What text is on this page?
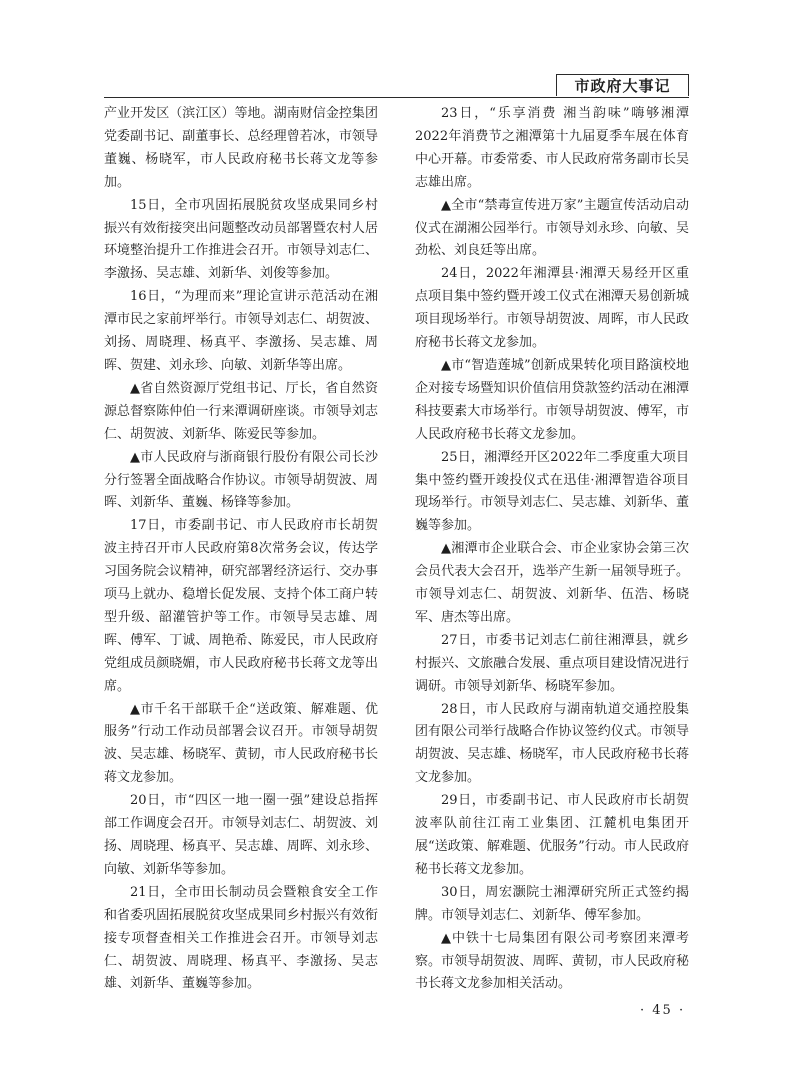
市政府大事记

产业开发区（滨江区）等地。湖南财信金控集团党委副书记、副董事长、总经理曾若冰，市领导董巍、杨晓军，市人民政府秘书长蒋文龙等参加。

15日，全市巩固拓展脱贫攻坚成果同乡村振兴有效衔接突出问题整改动员部署暨农村人居环境整治提升工作推进会召开。市领导刘志仁、李激扬、吴志雄、刘新华、刘俊等参加。

16日，“为理而来”理论宣讲示范活动在湘潭市民之家前坪举行。市领导刘志仁、胡贺波、刘扬、周晓理、杨真平、李激扬、吴志雄、周晖、贺建、刘永珍、向敏、刘新华等出席。

▲省自然资源厅党组书记、厅长，省自然资源总督察陈仲伯一行来潭调研座谈。市领导刘志仁、胡贺波、刘新华、陈爱民等参加。

▲市人民政府与浙商银行股份有限公司长沙分行签署全面战略合作协议。市领导胡贺波、周晖、刘新华、董巍、杨锋等参加。

17日，市委副书记、市人民政府市长胡贺波主持召开市人民政府第8次常务会议，传达学习国务院会议精神，研究部署经济运行、交办事项马上就办、稳增长促发展、支持个体工商户转型升级、韶灌管护等工作。市领导吴志雄、周晖、傅军、丁诚、周艳希、陈爱民，市人民政府党组成员颜晓媚，市人民政府秘书长蒋文龙等出席。

▲市千名干部联千企“送政策、解难题、优服务”行动工作动员部署会议召开。市领导胡贺波、吴志雄、杨晓军、黄韧，市人民政府秘书长蒋文龙参加。

20日，市“四区一地一圈一强”建设总指挥部工作调度会召开。市领导刘志仁、胡贺波、刘扬、周晓理、杨真平、吴志雄、周晖、刘永珍、向敏、刘新华等参加。

21日，全市田长制动员会暨粮食安全工作和省委巩固拓展脱贫攻坚成果同乡村振兴有效衔接专项督查相关工作推进会召开。市领导刘志仁、胡贺波、周晓理、杨真平、李激扬、吴志雄、刘新华、董巍等参加。

23日，“乐享消费 湘当韵味”嗨够湘潭2022年消费节之湘潭第十九届夏季车展在体育中心开幕。市委常委、市人民政府常务副市长吴志雄出席。

▲全市“禁毒宣传进万家”主题宣传活动启动仪式在湖湘公园举行。市领导刘永珍、向敏、吴劲松、刘良廷等出席。

24日，2022年湘潭县·湘潭天易经开区重点项目集中签约暨开竣工仪式在湘潭天易创新城项目现场举行。市领导胡贺波、周晖，市人民政府秘书长蒋文龙参加。

▲市“智造莲城”创新成果转化项目路演校地企对接专场暨知识价值信用贷款签约活动在湘潭科技要素大市场举行。市领导胡贺波、傅军，市人民政府秘书长蒋文龙参加。

25日，湘潭经开区2022年二季度重大项目集中签约暨开竣投仪式在迅佳·湘潭智造谷项目现场举行。市领导刘志仁、吴志雄、刘新华、董巍等参加。

▲湘潭市企业联合会、市企业家协会第三次会员代表大会召开，选举产生新一届领导班子。市领导刘志仁、胡贺波、刘新华、伍浩、杨晓军、唐杰等出席。

27日，市委书记刘志仁前往湘潭县，就乡村振兴、文旅融合发展、重点项目建设情况进行调研。市领导刘新华、杨晓军参加。

28日，市人民政府与湖南轨道交通控股集团有限公司举行战略合作协议签约仪式。市领导胡贺波、吴志雄、杨晓军，市人民政府秘书长蒋文龙参加。

29日，市委副书记、市人民政府市长胡贺波率队前往江南工业集团、江麓机电集团开展“送政策、解难题、优服务”行动。市人民政府秘书长蒋文龙参加。

30日，周宏灏院士湘潭研究所正式签约揭牌。市领导刘志仁、刘新华、傅军参加。

▲中铁十七局集团有限公司考察团来潭考察。市领导胡贺波、周晖、黄韧，市人民政府秘书长蒋文龙参加相关活动。

· 45 ·
